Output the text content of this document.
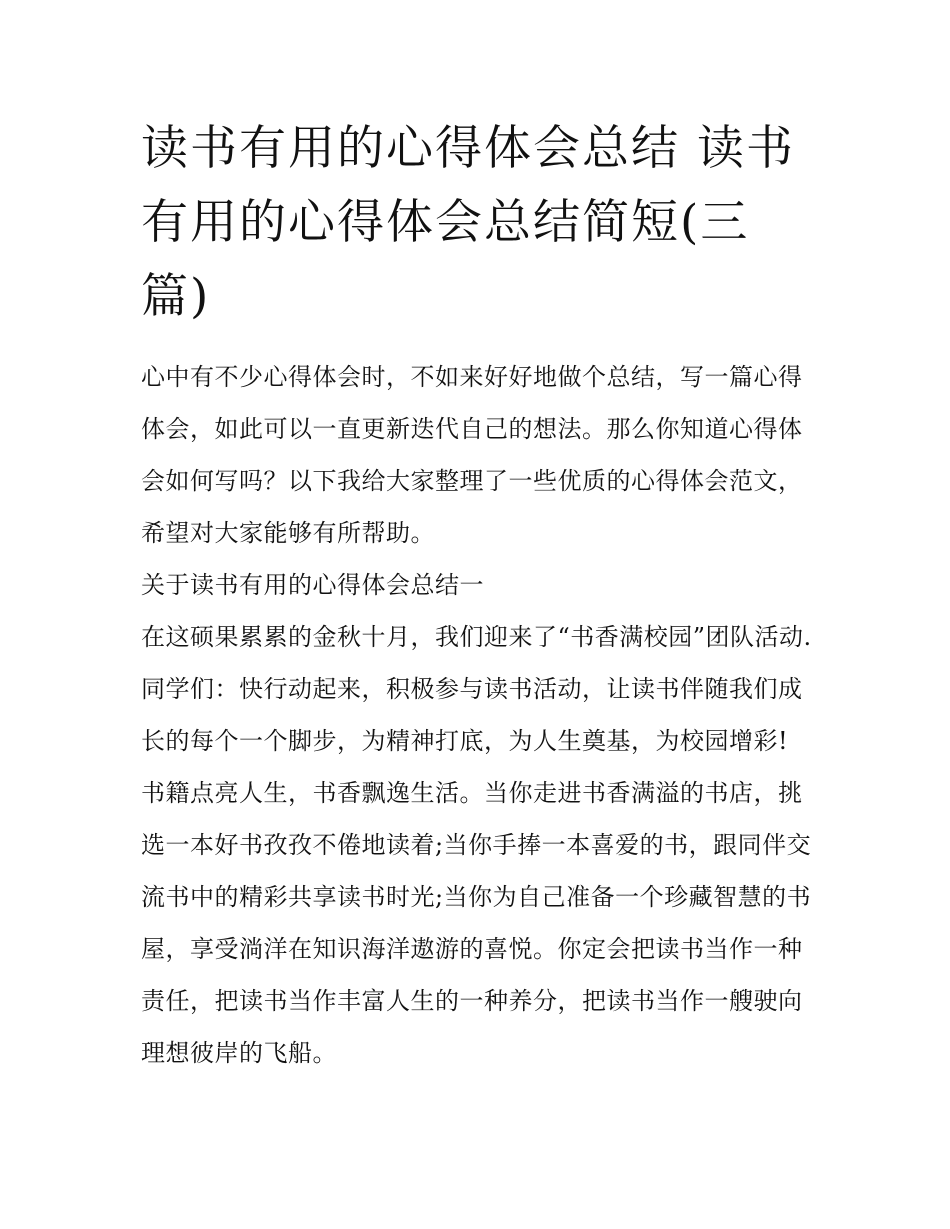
读书有用的心得体会总结 读书有用的心得体会总结简短(三篇)

心中有不少心得体会时，不如来好好地做个总结，写一篇心得体会，如此可以一直更新迭代自己的想法。那么你知道心得体会如何写吗？以下我给大家整理了一些优质的心得体会范文，希望对大家能够有所帮助。

关于读书有用的心得体会总结一

在这硕果累累的金秋十月，我们迎来了“书香满校园”团队活动.同学们：快行动起来，积极参与读书活动，让读书伴随我们成长的每个一个脚步，为精神打底，为人生奠基，为校园增彩!

书籍点亮人生，书香飘逸生活。当你走进书香满溢的书店，挑选一本好书孜孜不倦地读着;当你手捧一本喜爱的书，跟同伴交流书中的精彩共享读书时光;当你为自己准备一个珍藏智慧的书屋，享受淌洋在知识海洋遨游的喜悦。你定会把读书当作一种责任，把读书当作丰富人生的一种养分，把读书当作一艘驶向理想彼岸的飞船。
